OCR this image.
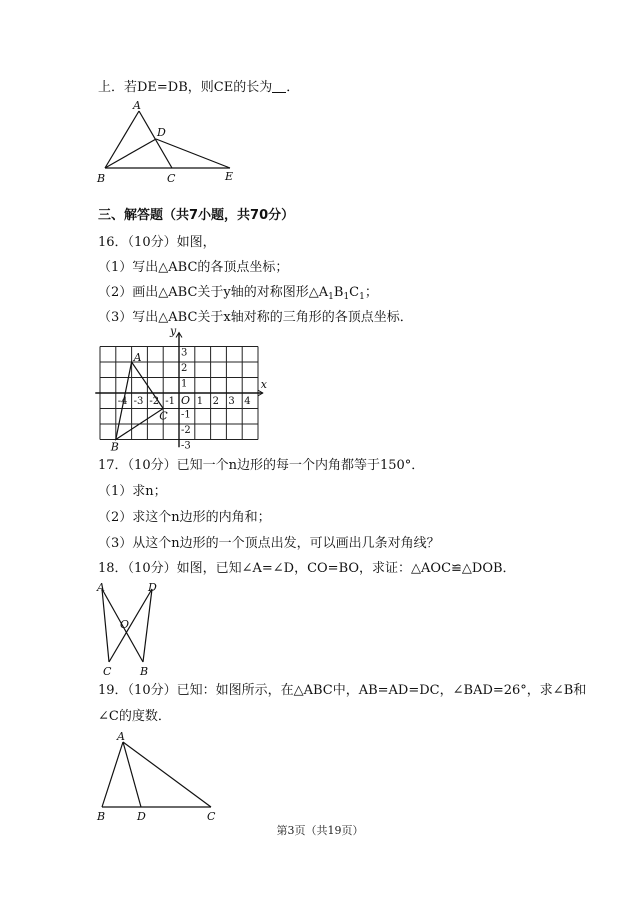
上．若DE=DB，则CE的长为 ．
A
D
B	C	E
三、解答题（共7小题，共70分）
16．（10分）如图，
（1）写出△ABC的各顶点坐标；
（2）画出△ABC关于y轴的对称图形$\triangle A_1B_1C_1$；
（3）写出△ABC关于x轴对称的三角形的各顶点坐标．
-4 -3 -2 -1 1 2 3 4
3
2
1
-1
-2
-3
A
B
C
O
x
y
17．（10分）已知一个n边形的每一个内角都等于150°．
（1）求n；
（2）求这个n边形的内角和；
（3）从这个n边形的一个顶点出发，可以画出几条对角线？
18．（10分）如图，已知∠A=∠D，CO=BO，求证：△AOC≌△DOB．
A	D
O
C	B
19．（10分）已知：如图所示，在△ABC中，AB=AD=DC，∠BAD=26°，求∠B和
∠C的度数．
A
B	D	C
第3页（共19页）
